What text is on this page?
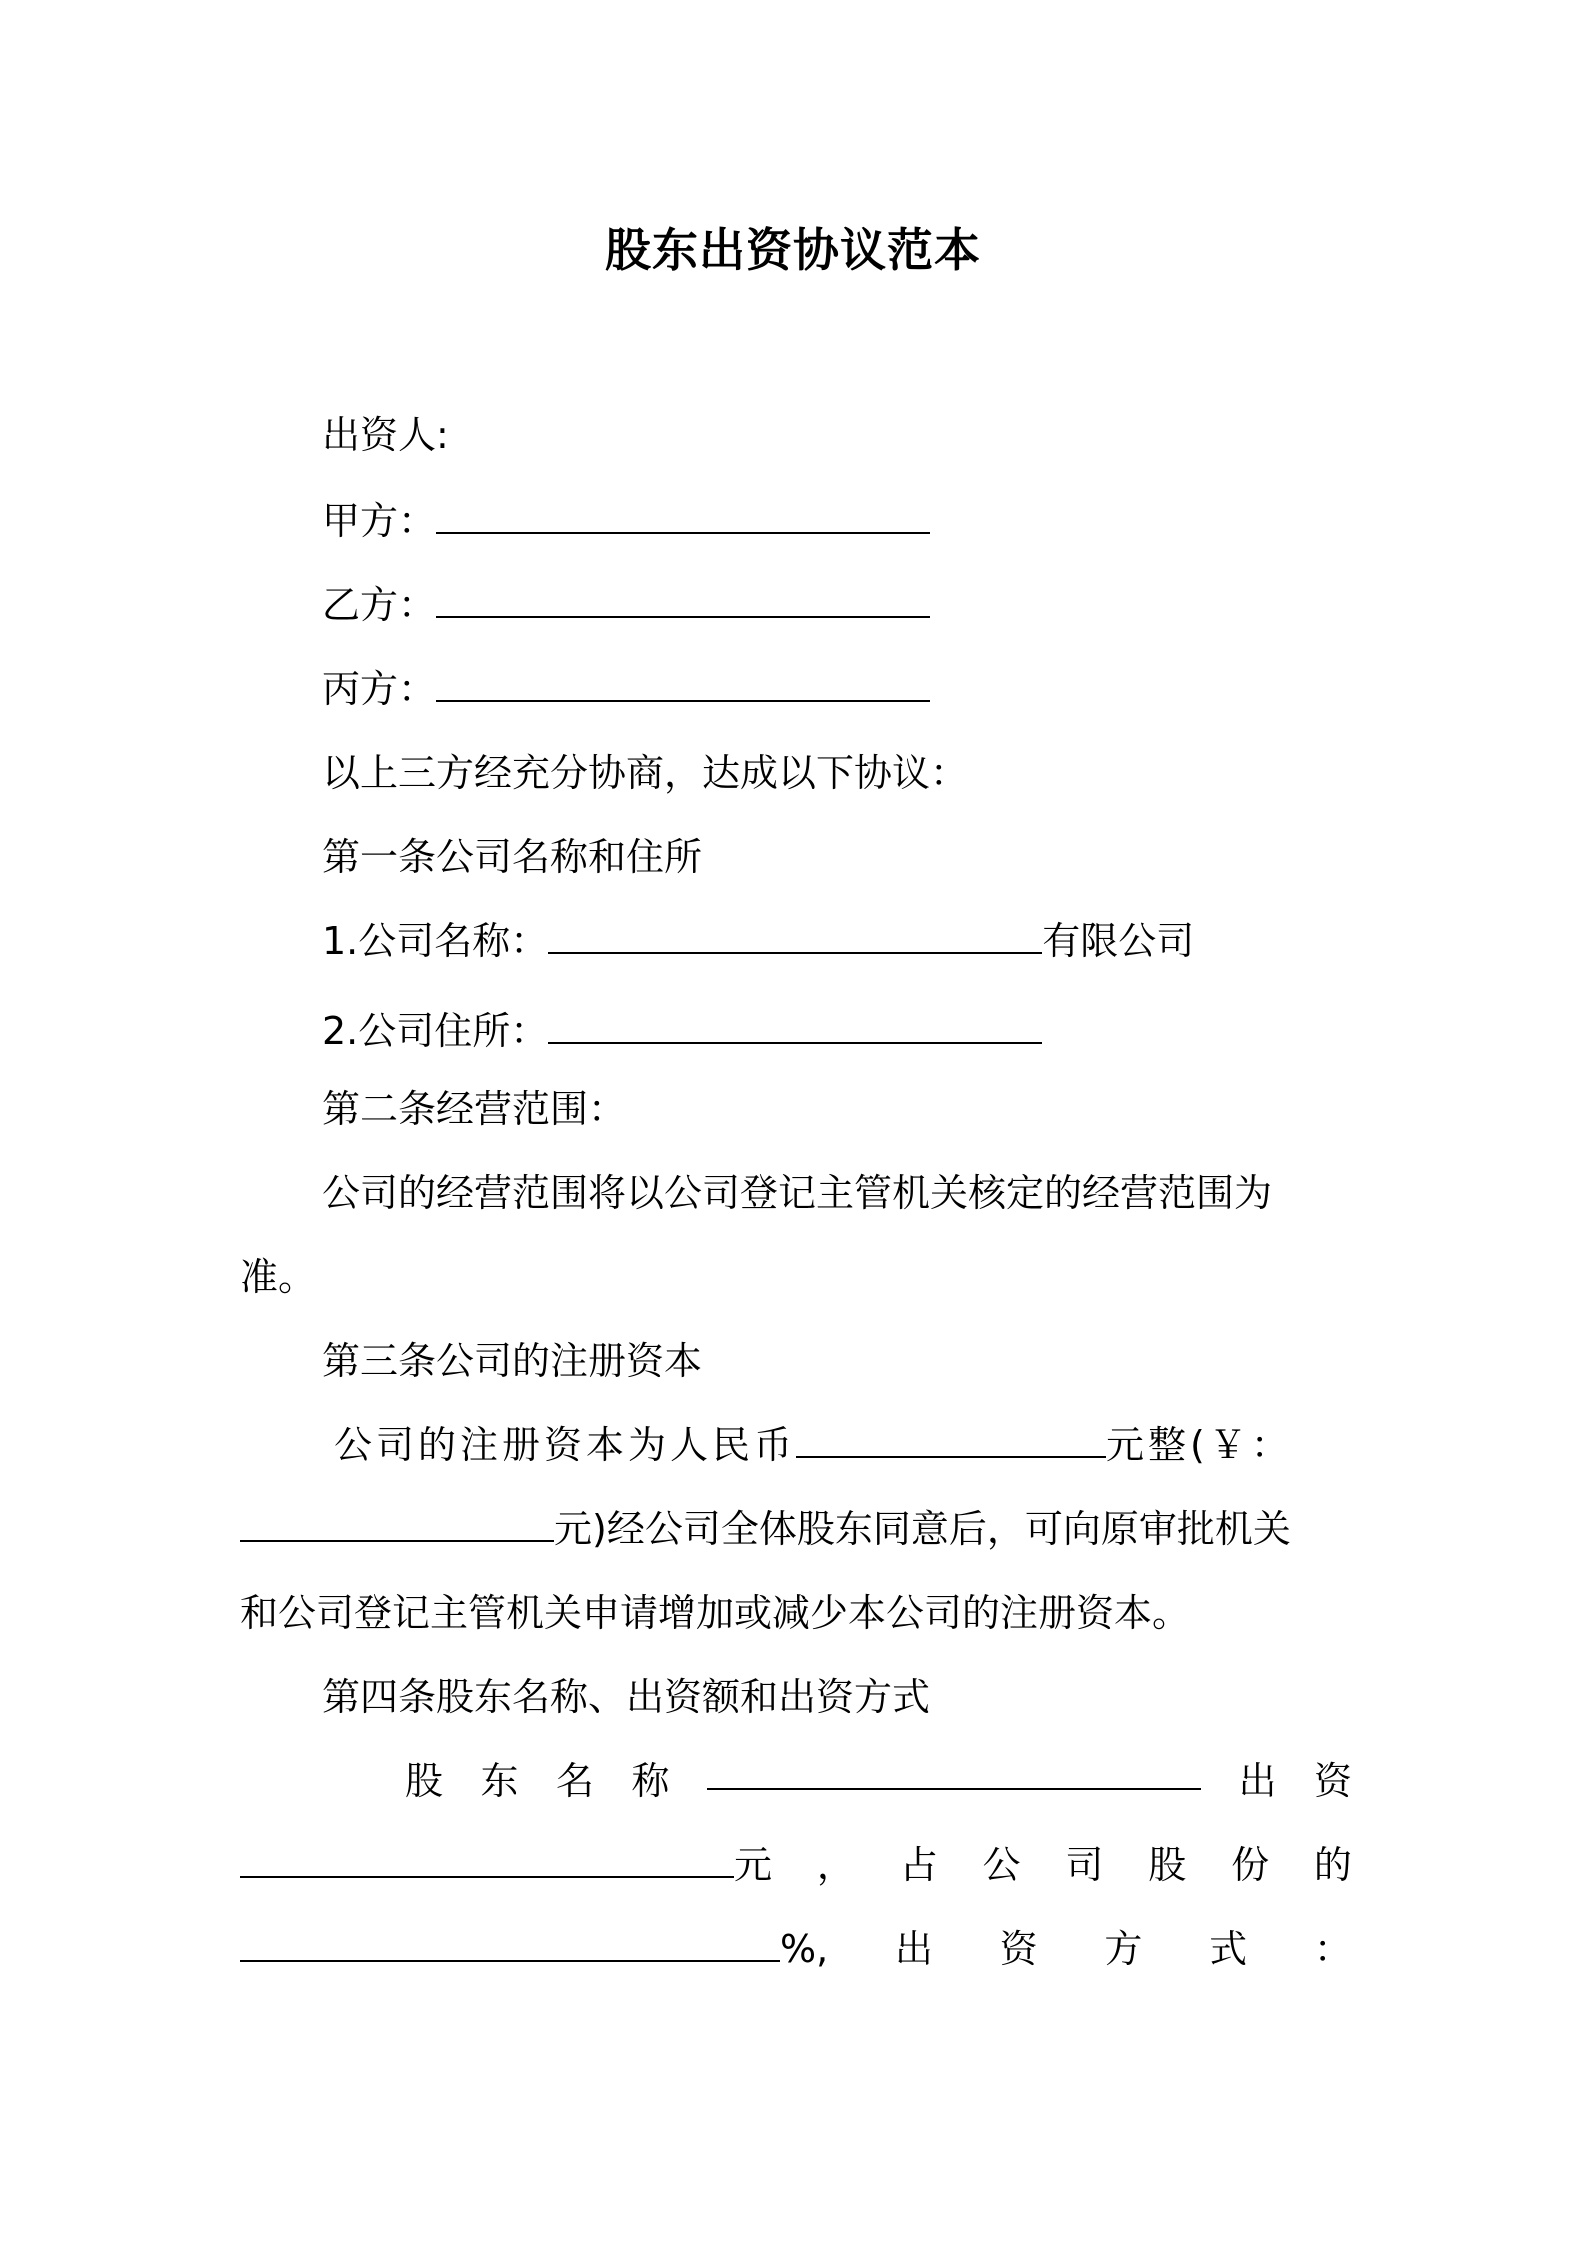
股东出资协议范本
出资人:
甲方：
乙方：
丙方：
以上三方经充分协商，达成以下协议：
第一条公司名称和住所
1.公司名称：	有限公司
2.公司住所：
第二条经营范围：
公司的经营范围将以公司登记主管机关核定的经营范围为
准。
第三条公司的注册资本
公司的注册资本为人民币	元整(￥：
元)经公司全体股东同意后，可向原审批机关
和公司登记主管机关申请增加或减少本公司的注册资本。
第四条股东名称、出资额和出资方式
股 东 名 称	出 资
元 ， 占 公 司 股 份 的
%, 出 资 方 式 ：
